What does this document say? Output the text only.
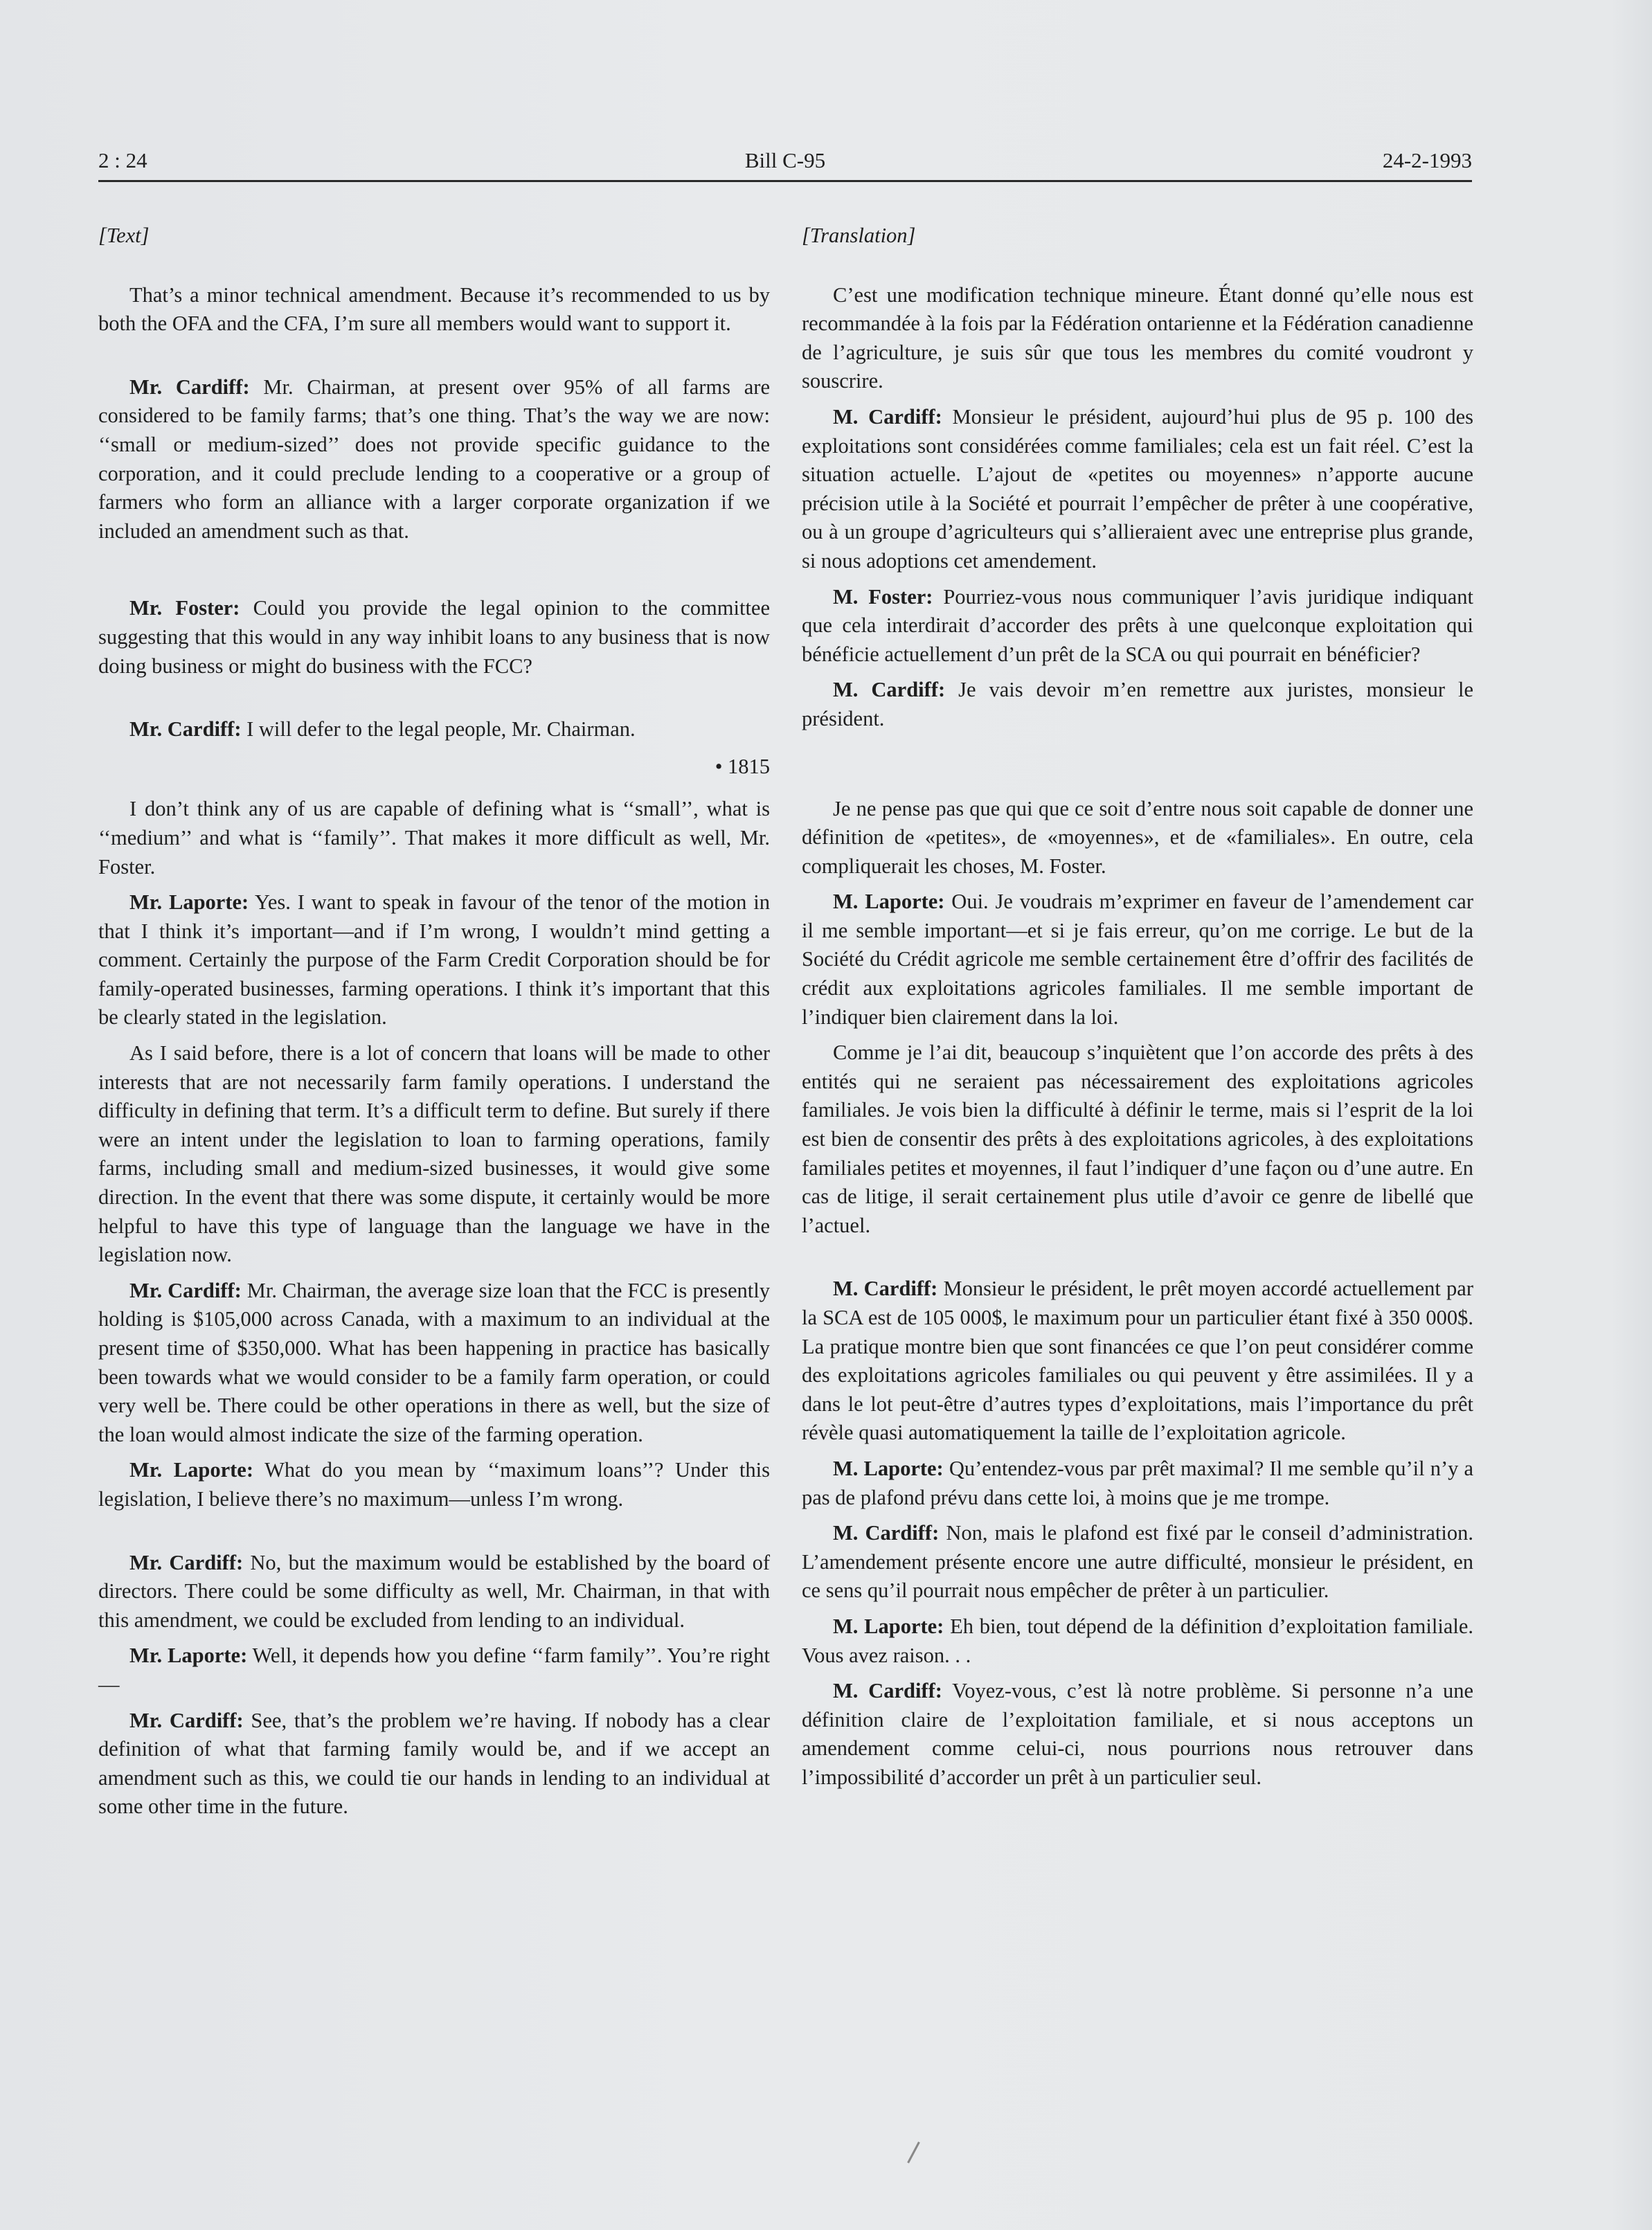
2 : 24	Bill C-95	24-2-1993
[Text]

That’s a minor technical amendment. Because it’s recommended to us by both the OFA and the CFA, I’m sure all members would want to support it.

Mr. Cardiff: Mr. Chairman, at present over 95% of all farms are considered to be family farms; that’s one thing. That’s the way we are now: ‘‘small or medium-sized’’ does not provide specific guidance to the corporation, and it could preclude lending to a cooperative or a group of farmers who form an alliance with a larger corporate organization if we included an amendment such as that.

Mr. Foster: Could you provide the legal opinion to the committee suggesting that this would in any way inhibit loans to any business that is now doing business or might do business with the FCC?

Mr. Cardiff: I will defer to the legal people, Mr. Chairman.

• 1815

I don’t think any of us are capable of defining what is ‘‘small’’, what is ‘‘medium’’ and what is ‘‘family’’. That makes it more difficult as well, Mr. Foster.

Mr. Laporte: Yes. I want to speak in favour of the tenor of the motion in that I think it’s important—and if I’m wrong, I wouldn’t mind getting a comment. Certainly the purpose of the Farm Credit Corporation should be for family-operated businesses, farming operations. I think it’s important that this be clearly stated in the legislation.

As I said before, there is a lot of concern that loans will be made to other interests that are not necessarily farm family operations. I understand the difficulty in defining that term. It’s a difficult term to define. But surely if there were an intent under the legislation to loan to farming operations, family farms, including small and medium-sized businesses, it would give some direction. In the event that there was some dispute, it certainly would be more helpful to have this type of language than the language we have in the legislation now.

Mr. Cardiff: Mr. Chairman, the average size loan that the FCC is presently holding is $105,000 across Canada, with a maximum to an individual at the present time of $350,000. What has been happening in practice has basically been towards what we would consider to be a family farm operation, or could very well be. There could be other operations in there as well, but the size of the loan would almost indicate the size of the farming operation.

Mr. Laporte: What do you mean by ‘‘maximum loans’’? Under this legislation, I believe there’s no maximum—unless I’m wrong.

Mr. Cardiff: No, but the maximum would be established by the board of directors. There could be some difficulty as well, Mr. Chairman, in that with this amendment, we could be excluded from lending to an individual.

Mr. Laporte: Well, it depends how you define ‘‘farm family’’. You’re right—

Mr. Cardiff: See, that’s the problem we’re having. If nobody has a clear definition of what that farming family would be, and if we accept an amendment such as this, we could tie our hands in lending to an individual at some other time in the future.

[Translation]

C’est une modification technique mineure. Étant donné qu’elle nous est recommandée à la fois par la Fédération ontarienne et la Fédération canadienne de l’agriculture, je suis sûr que tous les membres du comité voudront y souscrire.

M. Cardiff: Monsieur le président, aujourd’hui plus de 95 p. 100 des exploitations sont considérées comme familiales; cela est un fait réel. C’est la situation actuelle. L’ajout de «petites ou moyennes» n’apporte aucune précision utile à la Société et pourrait l’empêcher de prêter à une coopérative, ou à un groupe d’agriculteurs qui s’allieraient avec une entreprise plus grande, si nous adoptions cet amendement.

M. Foster: Pourriez-vous nous communiquer l’avis juridique indiquant que cela interdirait d’accorder des prêts à une quelconque exploitation qui bénéficie actuellement d’un prêt de la SCA ou qui pourrait en bénéficier?

M. Cardiff: Je vais devoir m’en remettre aux juristes, monsieur le président.

Je ne pense pas que qui que ce soit d’entre nous soit capable de donner une définition de «petites», de «moyennes», et de «familiales». En outre, cela compliquerait les choses, M. Foster.

M. Laporte: Oui. Je voudrais m’exprimer en faveur de l’amendement car il me semble important—et si je fais erreur, qu’on me corrige. Le but de la Société du Crédit agricole me semble certainement être d’offrir des facilités de crédit aux exploitations agricoles familiales. Il me semble important de l’indiquer bien clairement dans la loi.

Comme je l’ai dit, beaucoup s’inquiètent que l’on accorde des prêts à des entités qui ne seraient pas nécessairement des exploitations agricoles familiales. Je vois bien la difficulté à définir le terme, mais si l’esprit de la loi est bien de consentir des prêts à des exploitations agricoles, à des exploitations familiales petites et moyennes, il faut l’indiquer d’une façon ou d’une autre. En cas de litige, il serait certainement plus utile d’avoir ce genre de libellé que l’actuel.

M. Cardiff: Monsieur le président, le prêt moyen accordé actuellement par la SCA est de 105 000$, le maximum pour un particulier étant fixé à 350 000$. La pratique montre bien que sont financées ce que l’on peut considérer comme des exploitations agricoles familiales ou qui peuvent y être assimilées. Il y a dans le lot peut-être d’autres types d’exploitations, mais l’importance du prêt révèle quasi automatiquement la taille de l’exploitation agricole.

M. Laporte: Qu’entendez-vous par prêt maximal? Il me semble qu’il n’y a pas de plafond prévu dans cette loi, à moins que je me trompe.

M. Cardiff: Non, mais le plafond est fixé par le conseil d’administration. L’amendement présente encore une autre difficulté, monsieur le président, en ce sens qu’il pourrait nous empêcher de prêter à un particulier.

M. Laporte: Eh bien, tout dépend de la définition d’exploitation familiale. Vous avez raison. . .

M. Cardiff: Voyez-vous, c’est là notre problème. Si personne n’a une définition claire de l’exploitation familiale, et si nous acceptons un amendement comme celui-ci, nous pourrions nous retrouver dans l’impossibilité d’accorder un prêt à un particulier seul.
